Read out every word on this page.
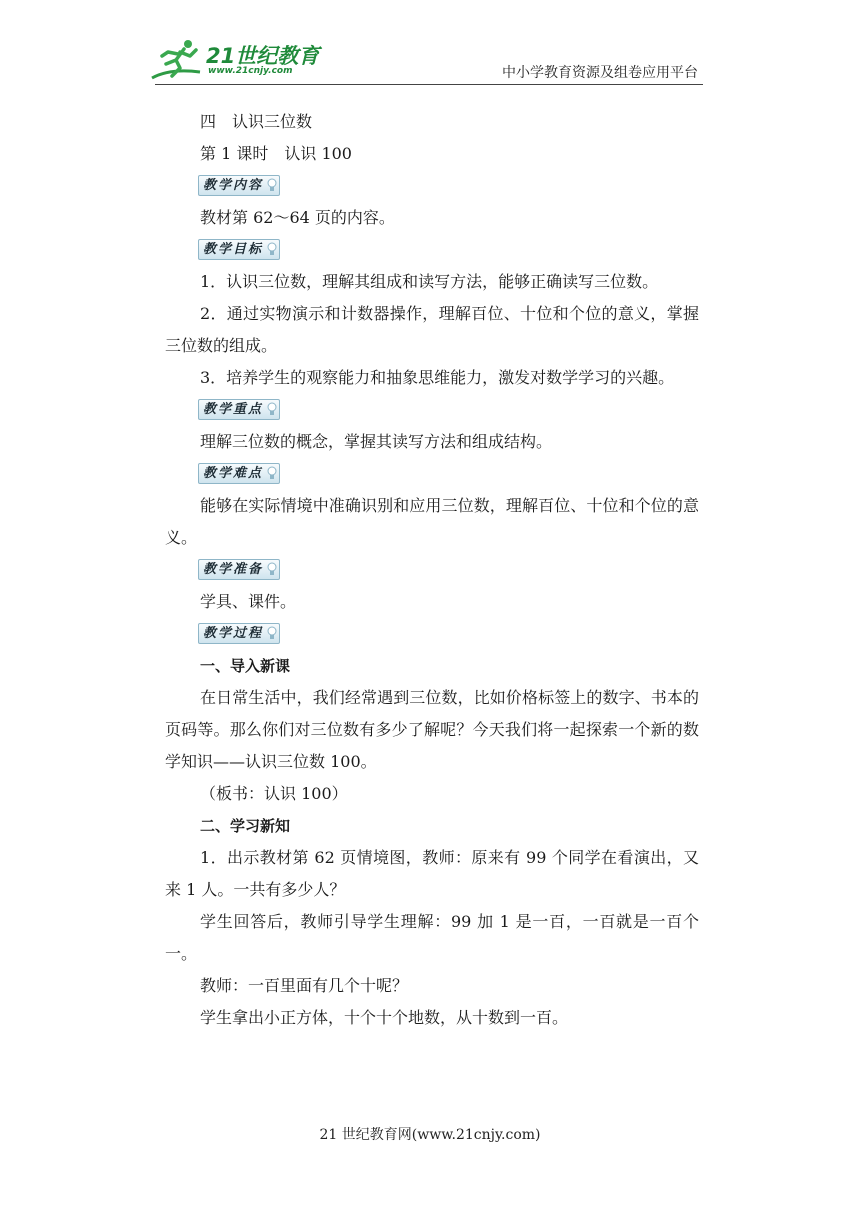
21世纪教育
www.21cnjy.com	中小学教育资源及组卷应用平台

四　认识三位数

第 1 课时　认识 100

教学内容

教材第 62～64 页的内容。

教学目标

1．认识三位数，理解其组成和读写方法，能够正确读写三位数。

2．通过实物演示和计数器操作，理解百位、十位和个位的意义，掌握三位数的组成。

3．培养学生的观察能力和抽象思维能力，激发对数学学习的兴趣。

教学重点

理解三位数的概念，掌握其读写方法和组成结构。

教学难点

能够在实际情境中准确识别和应用三位数，理解百位、十位和个位的意义。

教学准备

学具、课件。

教学过程

一、导入新课

在日常生活中，我们经常遇到三位数，比如价格标签上的数字、书本的页码等。那么你们对三位数有多少了解呢？今天我们将一起探索一个新的数学知识——认识三位数 100。

（板书：认识 100）

二、学习新知

1．出示教材第 62 页情境图，教师：原来有 99 个同学在看演出，又来 1 人。一共有多少人？

学生回答后，教师引导学生理解：99 加 1 是一百，一百就是一百个一。

教师：一百里面有几个十呢？

学生拿出小正方体，十个十个地数，从十数到一百。

21 世纪教育网(www.21cnjy.com)
